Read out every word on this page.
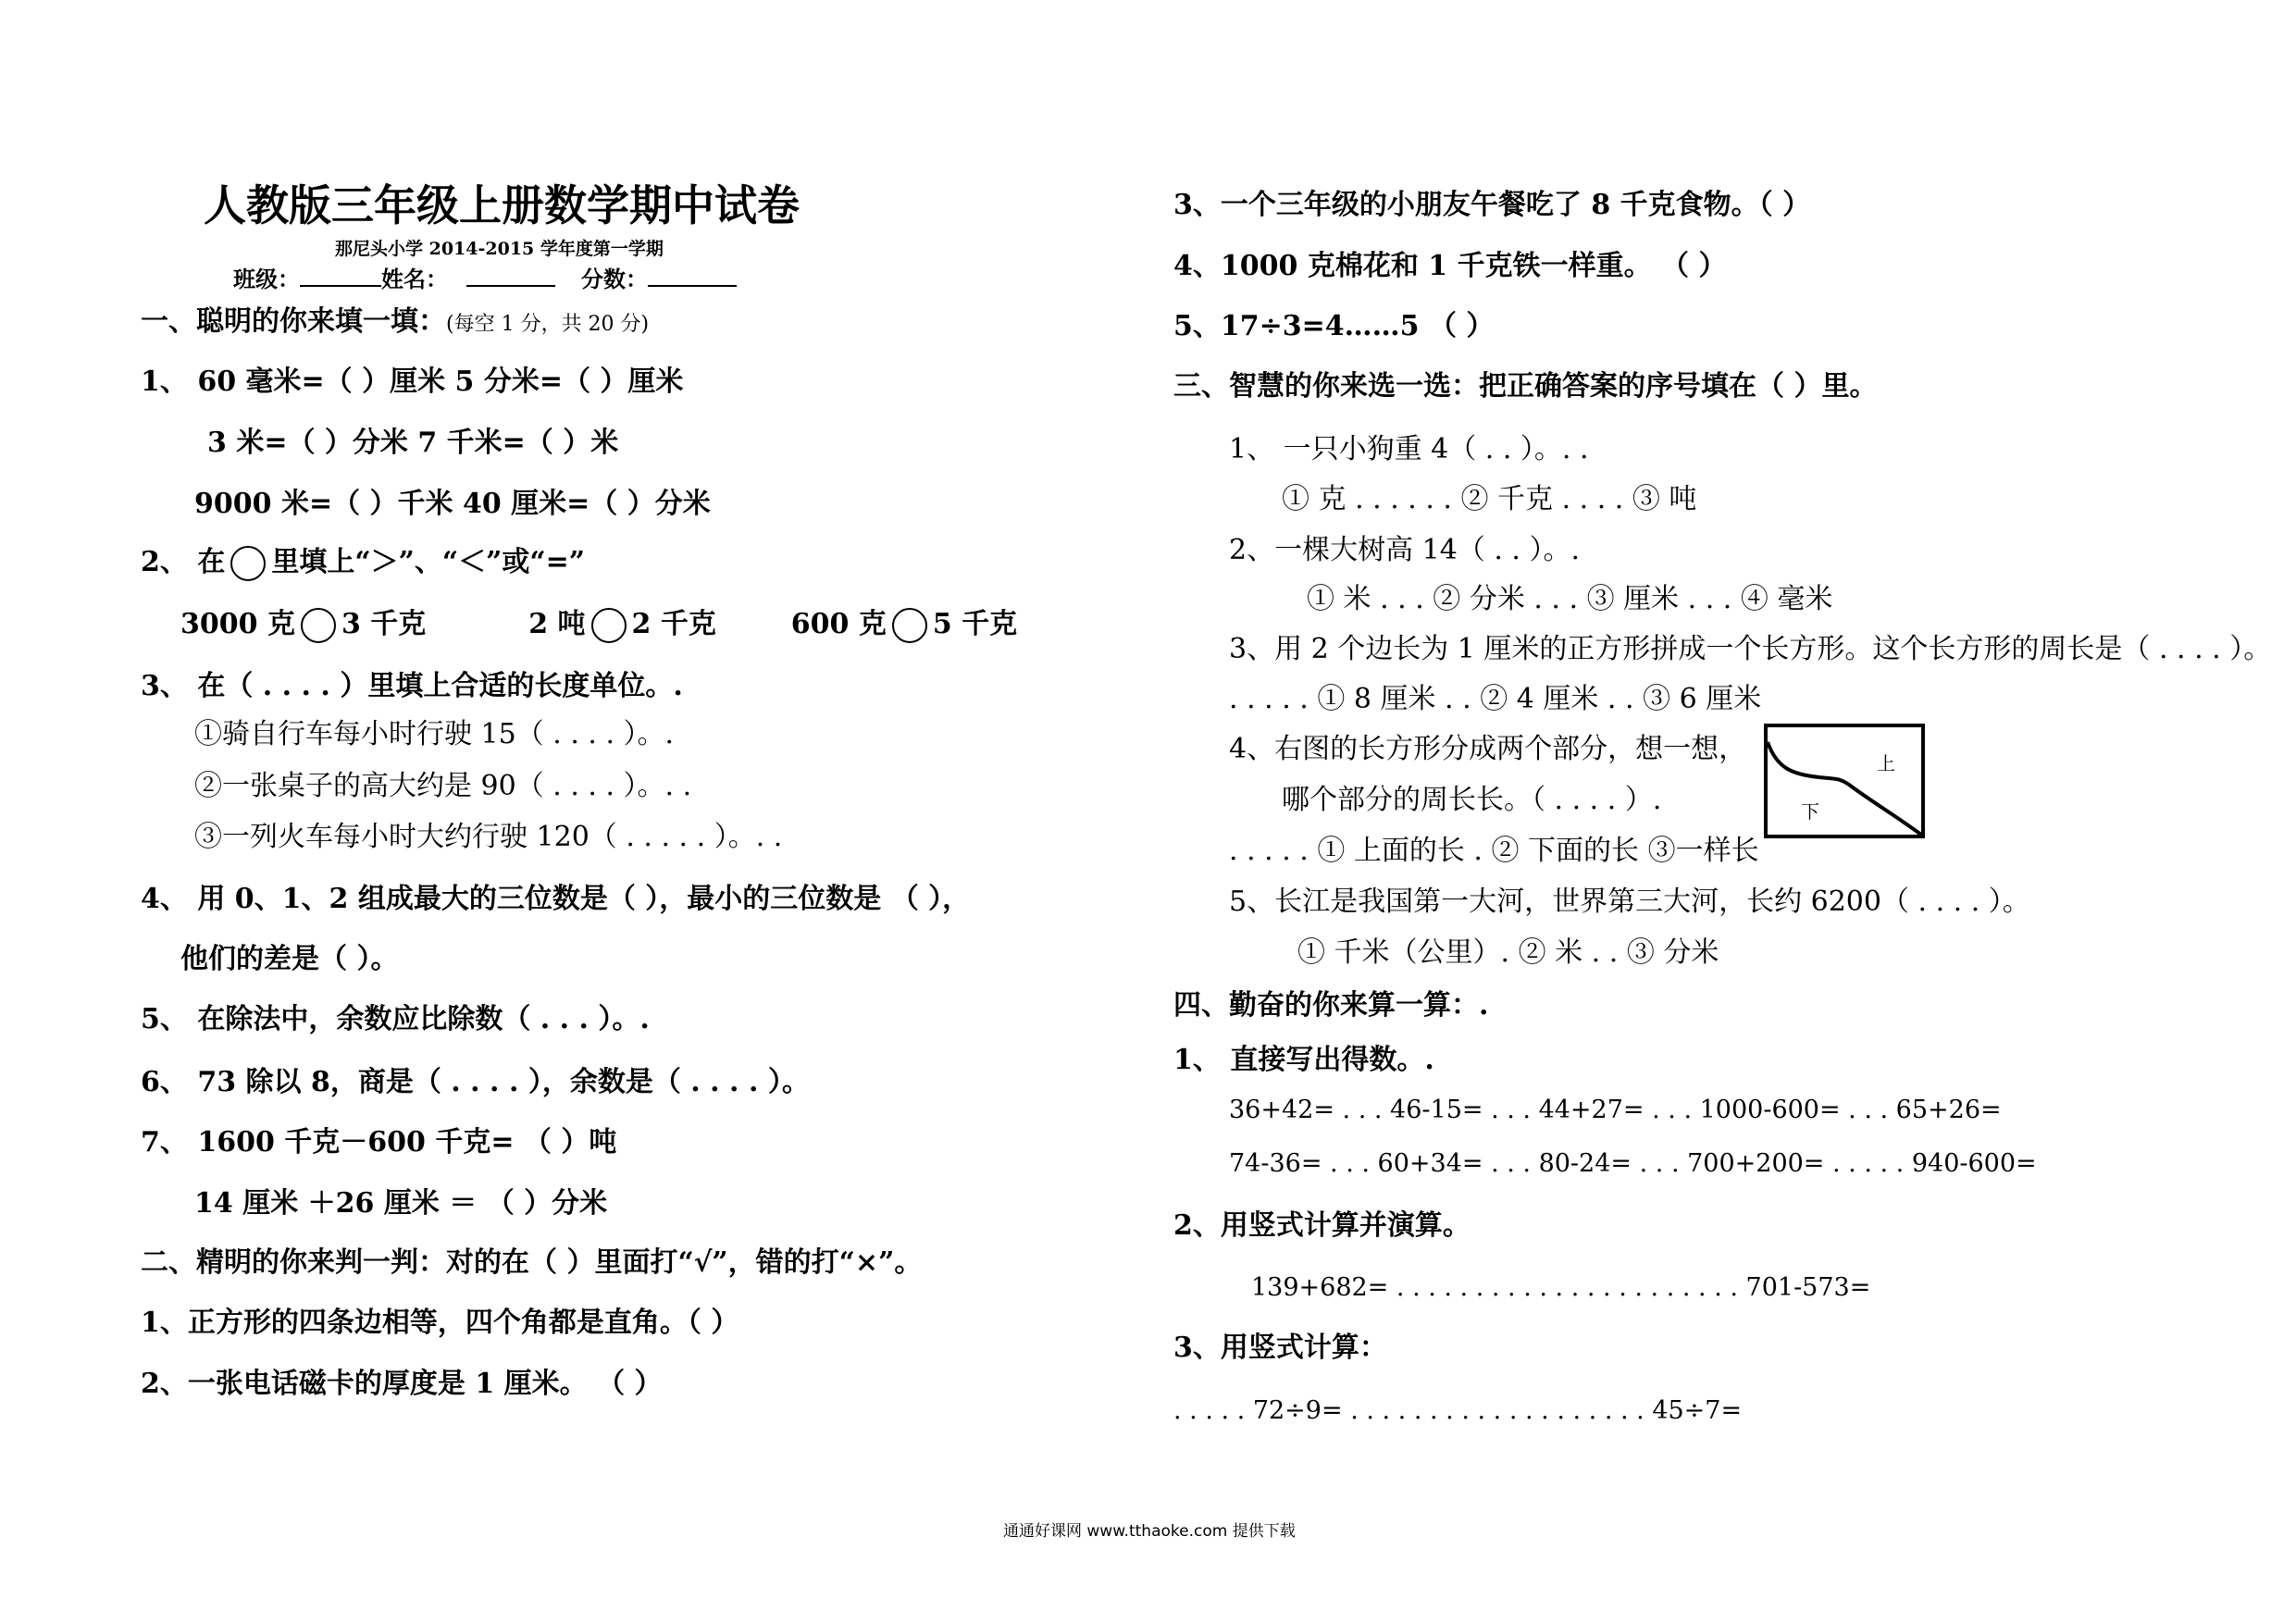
人教版三年级上册数学期中试卷
那尼头小学 2014-2015 学年度第一学期
班级：	姓名：	分数：
一、聪明的你来填一填：(每空 1 分，共 20 分)
1、 60 毫米=（ ）厘米 5 分米=（ ）厘米
3 米=（ ）分米 7 千米=（ ）米
9000 米=（ ）千米 40 厘米=（ ）分米
2、 在 里填上“＞”、“＜”或“=”
3000 克 3 千克	2 吨 2 千克	600 克 5 千克
3、 在（ . . . . ）里填上合适的长度单位。.
①骑自行车每小时行驶 15（ . . . . ）。.
②一张桌子的高大约是 90（ . . . . ）。. .
③一列火车每小时大约行驶 120（ . . . . . ）。. .
4、 用 0、1、2 组成最大的三位数是（ ），最小的三位数是 （ ），
他们的差是（ ）。
5、 在除法中，余数应比除数（ . . . ）。.
6、 73 除以 8，商是（ . . . . ），余数是（ . . . . ）。
7、 1600 千克－600 千克= （ ）吨
14 厘米 ＋26 厘米 ＝ （ ）分米
二、精明的你来判一判：对的在（ ）里面打“√”，错的打“×”。
1、正方形的四条边相等，四个角都是直角。（ ）
2、一张电话磁卡的厚度是 1 厘米。 （ ）
3、一个三年级的小朋友午餐吃了 8 千克食物。（ ）
4、1000 克棉花和 1 千克铁一样重。 （ ）
5、17÷3=4……5 （ ）
三、智慧的你来选一选：把正确答案的序号填在（ ）里。
1、 一只小狗重 4（ . . ）。. .
① 克 . . . . . . ② 千克 . . . . ③ 吨
2、一棵大树高 14（ . . ）。.
① 米 . . . ② 分米 . . . ③ 厘米 . . . ④ 毫米
3、用 2 个边长为 1 厘米的正方形拼成一个长方形。这个长方形的周长是（ . . . . ）。
. . . . . ① 8 厘米 . . ② 4 厘米 . . ③ 6 厘米
4、右图的长方形分成两个部分，想一想，
哪个部分的周长长。（ . . . . ）.
. . . . . ① 上面的长 . ② 下面的长 ③一样长
上
下
5、长江是我国第一大河，世界第三大河，长约 6200（ . . . . ）。
① 千米（公里）. ② 米 . . ③ 分米
四、勤奋的你来算一算：.
1、 直接写出得数。.
36+42= . . . 46-15= . . . 44+27= . . . 1000-600= . . . 65+26=
74-36= . . . 60+34= . . . 80-24= . . . 700+200= . . . . . 940-600=
2、用竖式计算并演算。
139+682= . . . . . . . . . . . . . . . . . . . . . . 701-573=
3、用竖式计算：
. . . . . 72÷9= . . . . . . . . . . . . . . . . . . . 45÷7=
通通好课网 www.tthaoke.com 提供下载
